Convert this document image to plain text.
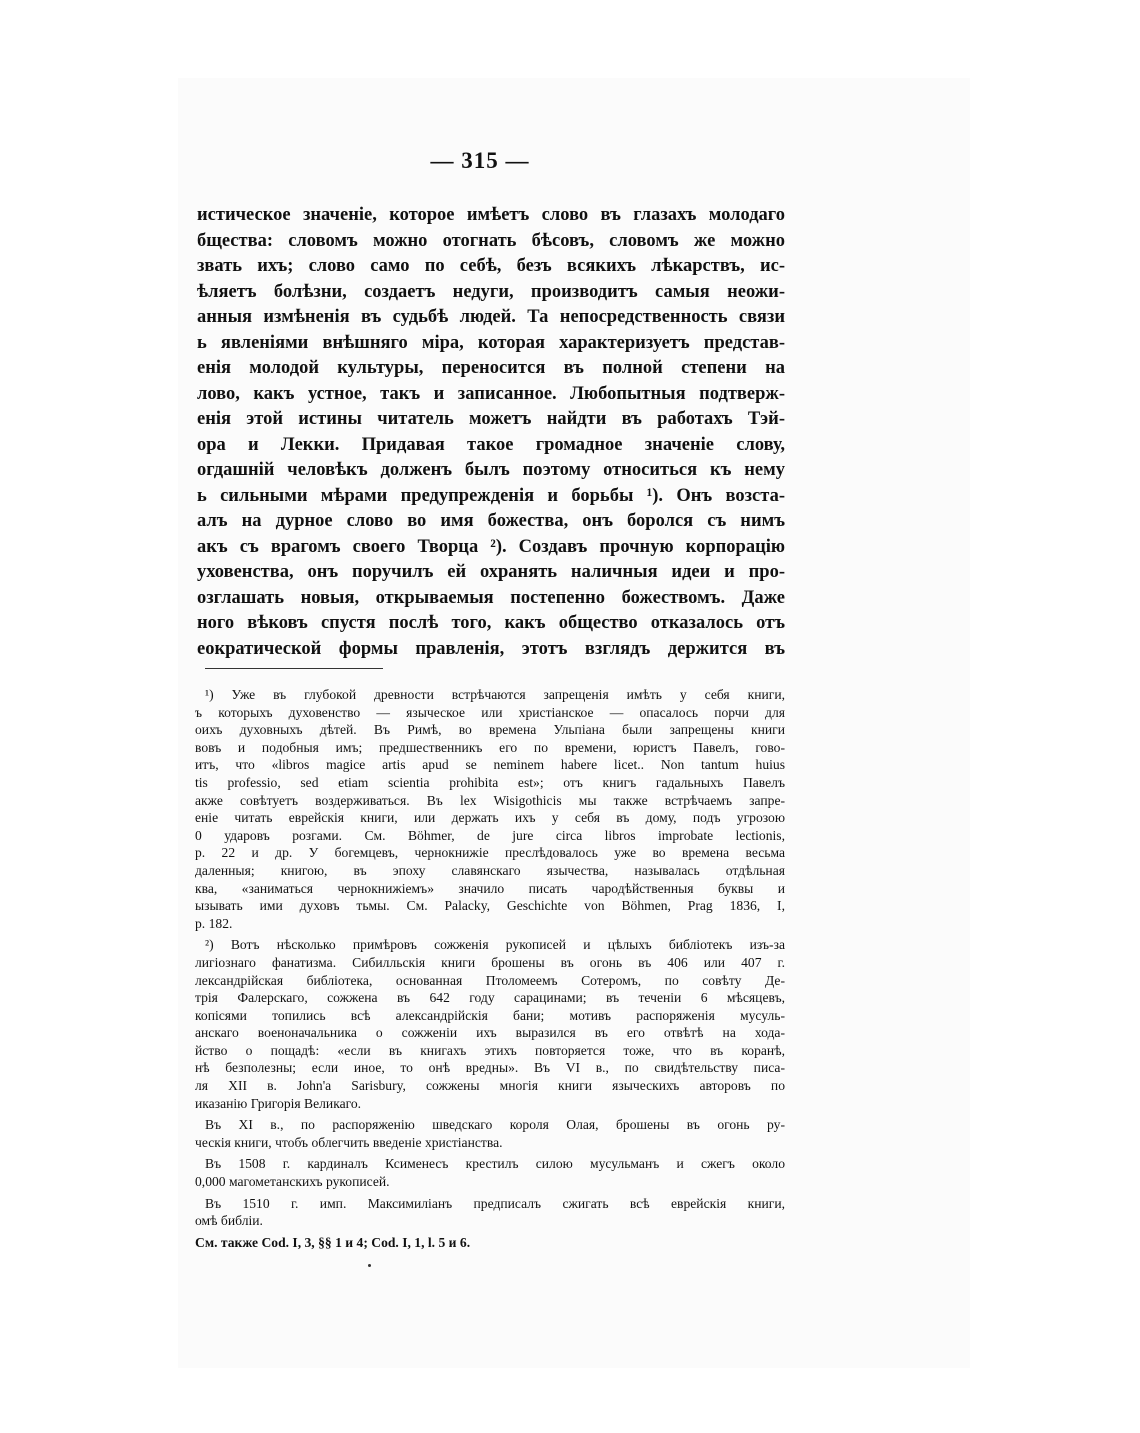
— 315 —
истическое значеніе, которое имѣетъ слово въ глазахъ молодаго
бщества: словомъ можно отогнать бѣсовъ, словомъ же можно
звать ихъ; слово само по себѣ, безъ всякихъ лѣкарствъ, ис-
ѣляетъ болѣзни, создаетъ недуги, производитъ самыя неожи-
анныя измѣненія въ судьбѣ людей. Та непосредственность связи
ь явленіями внѣшняго міра, которая характеризуетъ представ-
енія молодой культуры, переносится въ полной степени на
лово, какъ устное, такъ и записанное. Любопытныя подтверж-
енія этой истины читатель можетъ найдти въ работахъ Тэй-
ора и Лекки. Придавая такое громадное значеніе слову,
огдашній человѣкъ долженъ былъ поэтому относиться къ нему
ь сильными мѣрами предупрежденія и борьбы ¹). Онъ возста-
алъ на дурное слово во имя божества, онъ боролся съ нимъ
акъ съ врагомъ своего Творца ²). Создавъ прочную корпорацію
уховенства, онъ поручилъ ей охранять наличныя идеи и про-
озглашать новыя, открываемыя постепенно божествомъ. Даже
ного вѣковъ спустя послѣ того, какъ общество отказалось отъ
еократической формы правленія, этотъ взглядъ держится въ
¹) Уже въ глубокой древности встрѣчаются запрещенія имѣть у себя книги,
ъ которыхъ духовенство — языческое или христіанское — опасалось порчи для
оихъ духовныхъ дѣтей. Въ Римѣ, во времена Ульпіана были запрещены книги
вовъ и подобныя имъ; предшественникъ его по времени, юристъ Павелъ, гово-
итъ, что «libros magice artis apud se neminem habere licet.. Non tantum huius
tis professio, sed etiam scientia prohibita est»; отъ книгъ гадальныхъ Павелъ
акже совѣтуетъ воздерживаться. Въ lex Wisigothicis мы также встрѣчаемъ запре-
еніе читать еврейскія книги, или держать ихъ у себя въ дому, подъ угрозою
0 ударовъ розгами. См. Böhmer, de jure circa libros improbate lectionis,
p. 22 и др. У богемцевъ, чернокнижіе преслѣдовалось уже во времена весьма
даленныя; книгою, въ эпоху славянскаго язычества, называлась отдѣльная
ква, «заниматься чернокнижіемъ» значило писать чародѣйственныя буквы и
ызывать ими духовъ тьмы. См. Palacky, Geschichte von Böhmen, Prag 1836, I,
p. 182.
²) Вотъ нѣсколько примѣровъ сожженія рукописей и цѣлыхъ библіотекъ изъ-за
лигіознаго фанатизма. Сибилльскія книги брошены въ огонь въ 406 или 407 г.
лександрійская библіотека, основанная Птоломеемъ Сотеромъ, по совѣту Де-
трія Фалерскаго, сожжена въ 642 году сарацинами; въ теченіи 6 мѣсяцевъ,
копісями топились всѣ александрійскія бани; мотивъ распоряженія мусуль-
анскаго военоначальника о сожженіи ихъ выразился въ его отвѣтѣ на хода-
йство о пощадѣ: «если въ книгахъ этихъ повторяется тоже, что въ коранѣ,
нѣ безполезны; если иное, то онѣ вредны». Въ VI в., по свидѣтельству писа-
ля XII в. John'a Sarisbury, сожжены многія книги языческихъ авторовъ по
иказанію Григорія Великаго.
Въ XI в., по распоряженію шведскаго короля Олая, брошены въ огонь ру-
ческія книги, чтобъ облегчить введеніе христіанства.
Въ 1508 г. кардиналъ Ксименесъ крестилъ силою мусульманъ и сжегъ около
0,000 магометанскихъ рукописей.
Въ 1510 г. имп. Максимиліанъ предписалъ сжигать всѣ еврейскія книги,
омѣ библіи.
См. также Cod. I, 3, §§ 1 и 4; Cod. I, 1, l. 5 и 6.
